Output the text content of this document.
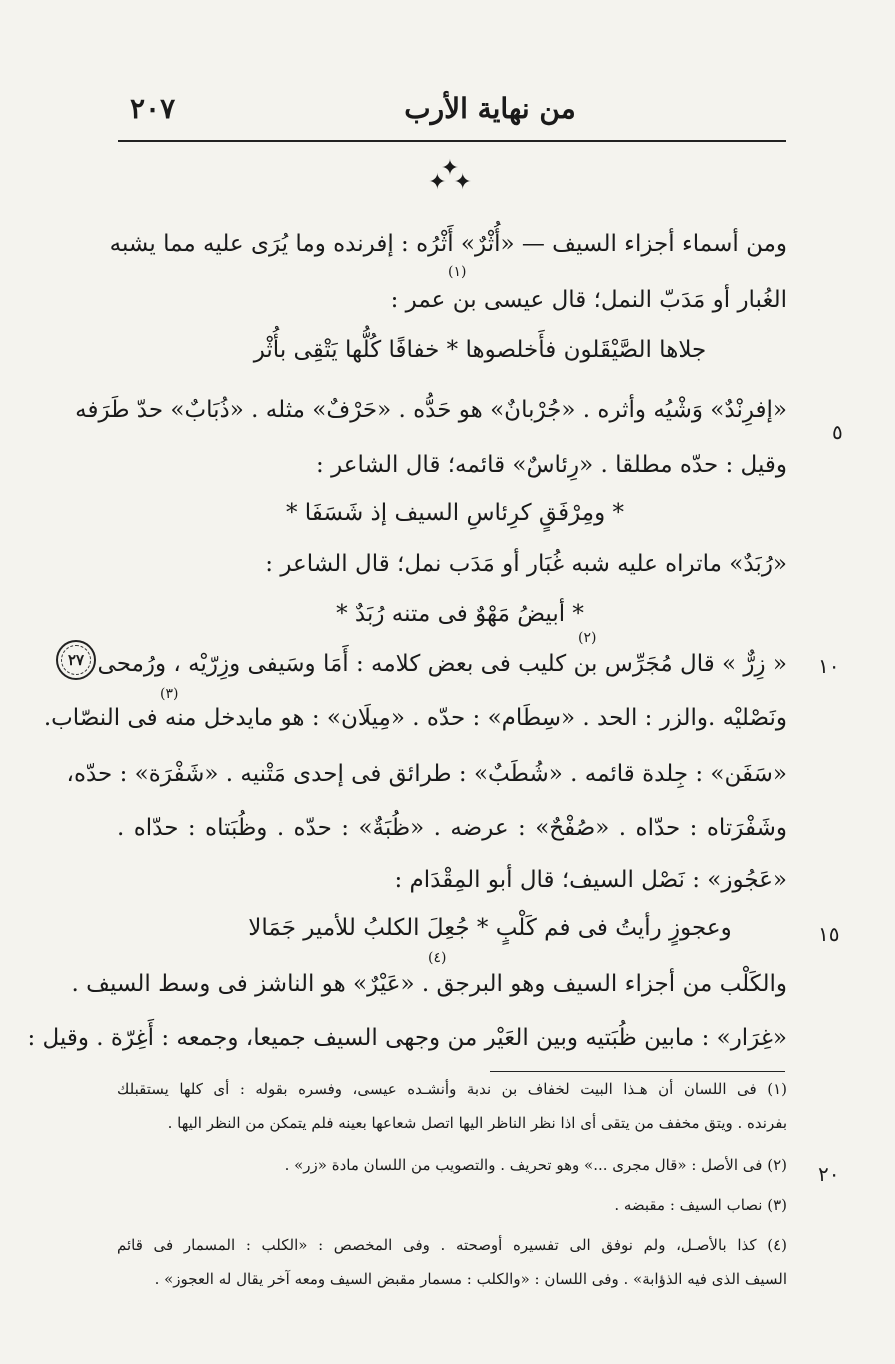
٢٠٧	من نهاية الأرب
✦
✦ ✦
ومن أسماء أجزاء السيف — «أُثْرٌ» أَثْرُه : إفرنده وما يُرَى عليه مما يشبه
الغُبار أو مَدَبّ النمل؛ قال عيسى بن عمر :
جلاها الصَّيْقَلون فأَخلصوها * خفافًا كُلُّها يَتْقِى بأُثْر
«إفرِنْدٌ» وَشْيُه وأثره . «جُرْبانٌ» هو حَدُّه . «حَرْفٌ» مثله . «ذُبَابٌ» حدّ طَرَفه
وقيل : حدّه مطلقا . «رِئاسٌ» قائمه؛ قال الشاعر :
* ومِرْفَقٍ كرِئاسِ السيف إذ شَسَفَا *
«رُبَدٌ» ماتراه عليه شبه غُبَار أو مَدَب نمل؛ قال الشاعر :
* أبيضُ مَهْوٌ فى متنه رُبَدٌ *
« زِرٌّ » قال مُجَرِّس بن كليب فى بعض كلامه : أَمَا وسَيفى وزِرّيْه ، ورُمحى
ونَصْليْه .والزر : الحد . «سِطَام» : حدّه . «مِيلَان» : هو مايدخل منه فى النصّاب.
«سَفَن» : جِلدة قائمه . «شُطَبٌ» : طرائق فى إحدى مَتْنيه . «شَفْرَة» : حدّه،
وشَفْرَتاه : حدّاه . «صُفْحٌ» : عرضه . «ظُبَةٌ» : حدّه . وظُبَتاه : حدّاه .
«عَجُوز» : نَصْل السيف؛ قال أبو المِقْدَام :
وعجوزٍ رأيتُ فى فم كَلْبٍ * جُعِلَ الكلبُ للأمير جَمَالا
والكَلْب من أجزاء السيف وهو البرجق . «عَيْرٌ» هو الناشز فى وسط السيف .
«غِرَار» : مابين ظُبَتيه وبين العَيْر من وجهى السيف جميعا، وجمعه : أَغِرّة . وقيل :
(١)
(٢)
(٣)
(٤)
٥
١٠
١٥
٢٠
٢٧
(١) فى اللسان أن هـذا البيت لخفاف بن ندبة وأنشـده عيسى، وفسره بقوله : أى كلها يستقبلك
بفرنده . ويتق مخفف من يتقى أى اذا نظر الناظر اليها اتصل شعاعها بعينه فلم يتمكن من النظر اليها .
(٢) فى الأصل : «قال مجرى ...» وهو تحريف . والتصويب من اللسان مادة «زر» .
(٣) نصاب السيف : مقبضه .
(٤) كذا بالأصـل، ولم نوفق الى تفسيره أوصحته . وفى المخصص : «الكلب : المسمار فى قائم
السيف الذى فيه الذؤابة» . وفى اللسان : «والكلب : مسمار مقبض السيف ومعه آخر يقال له العجوز» .
